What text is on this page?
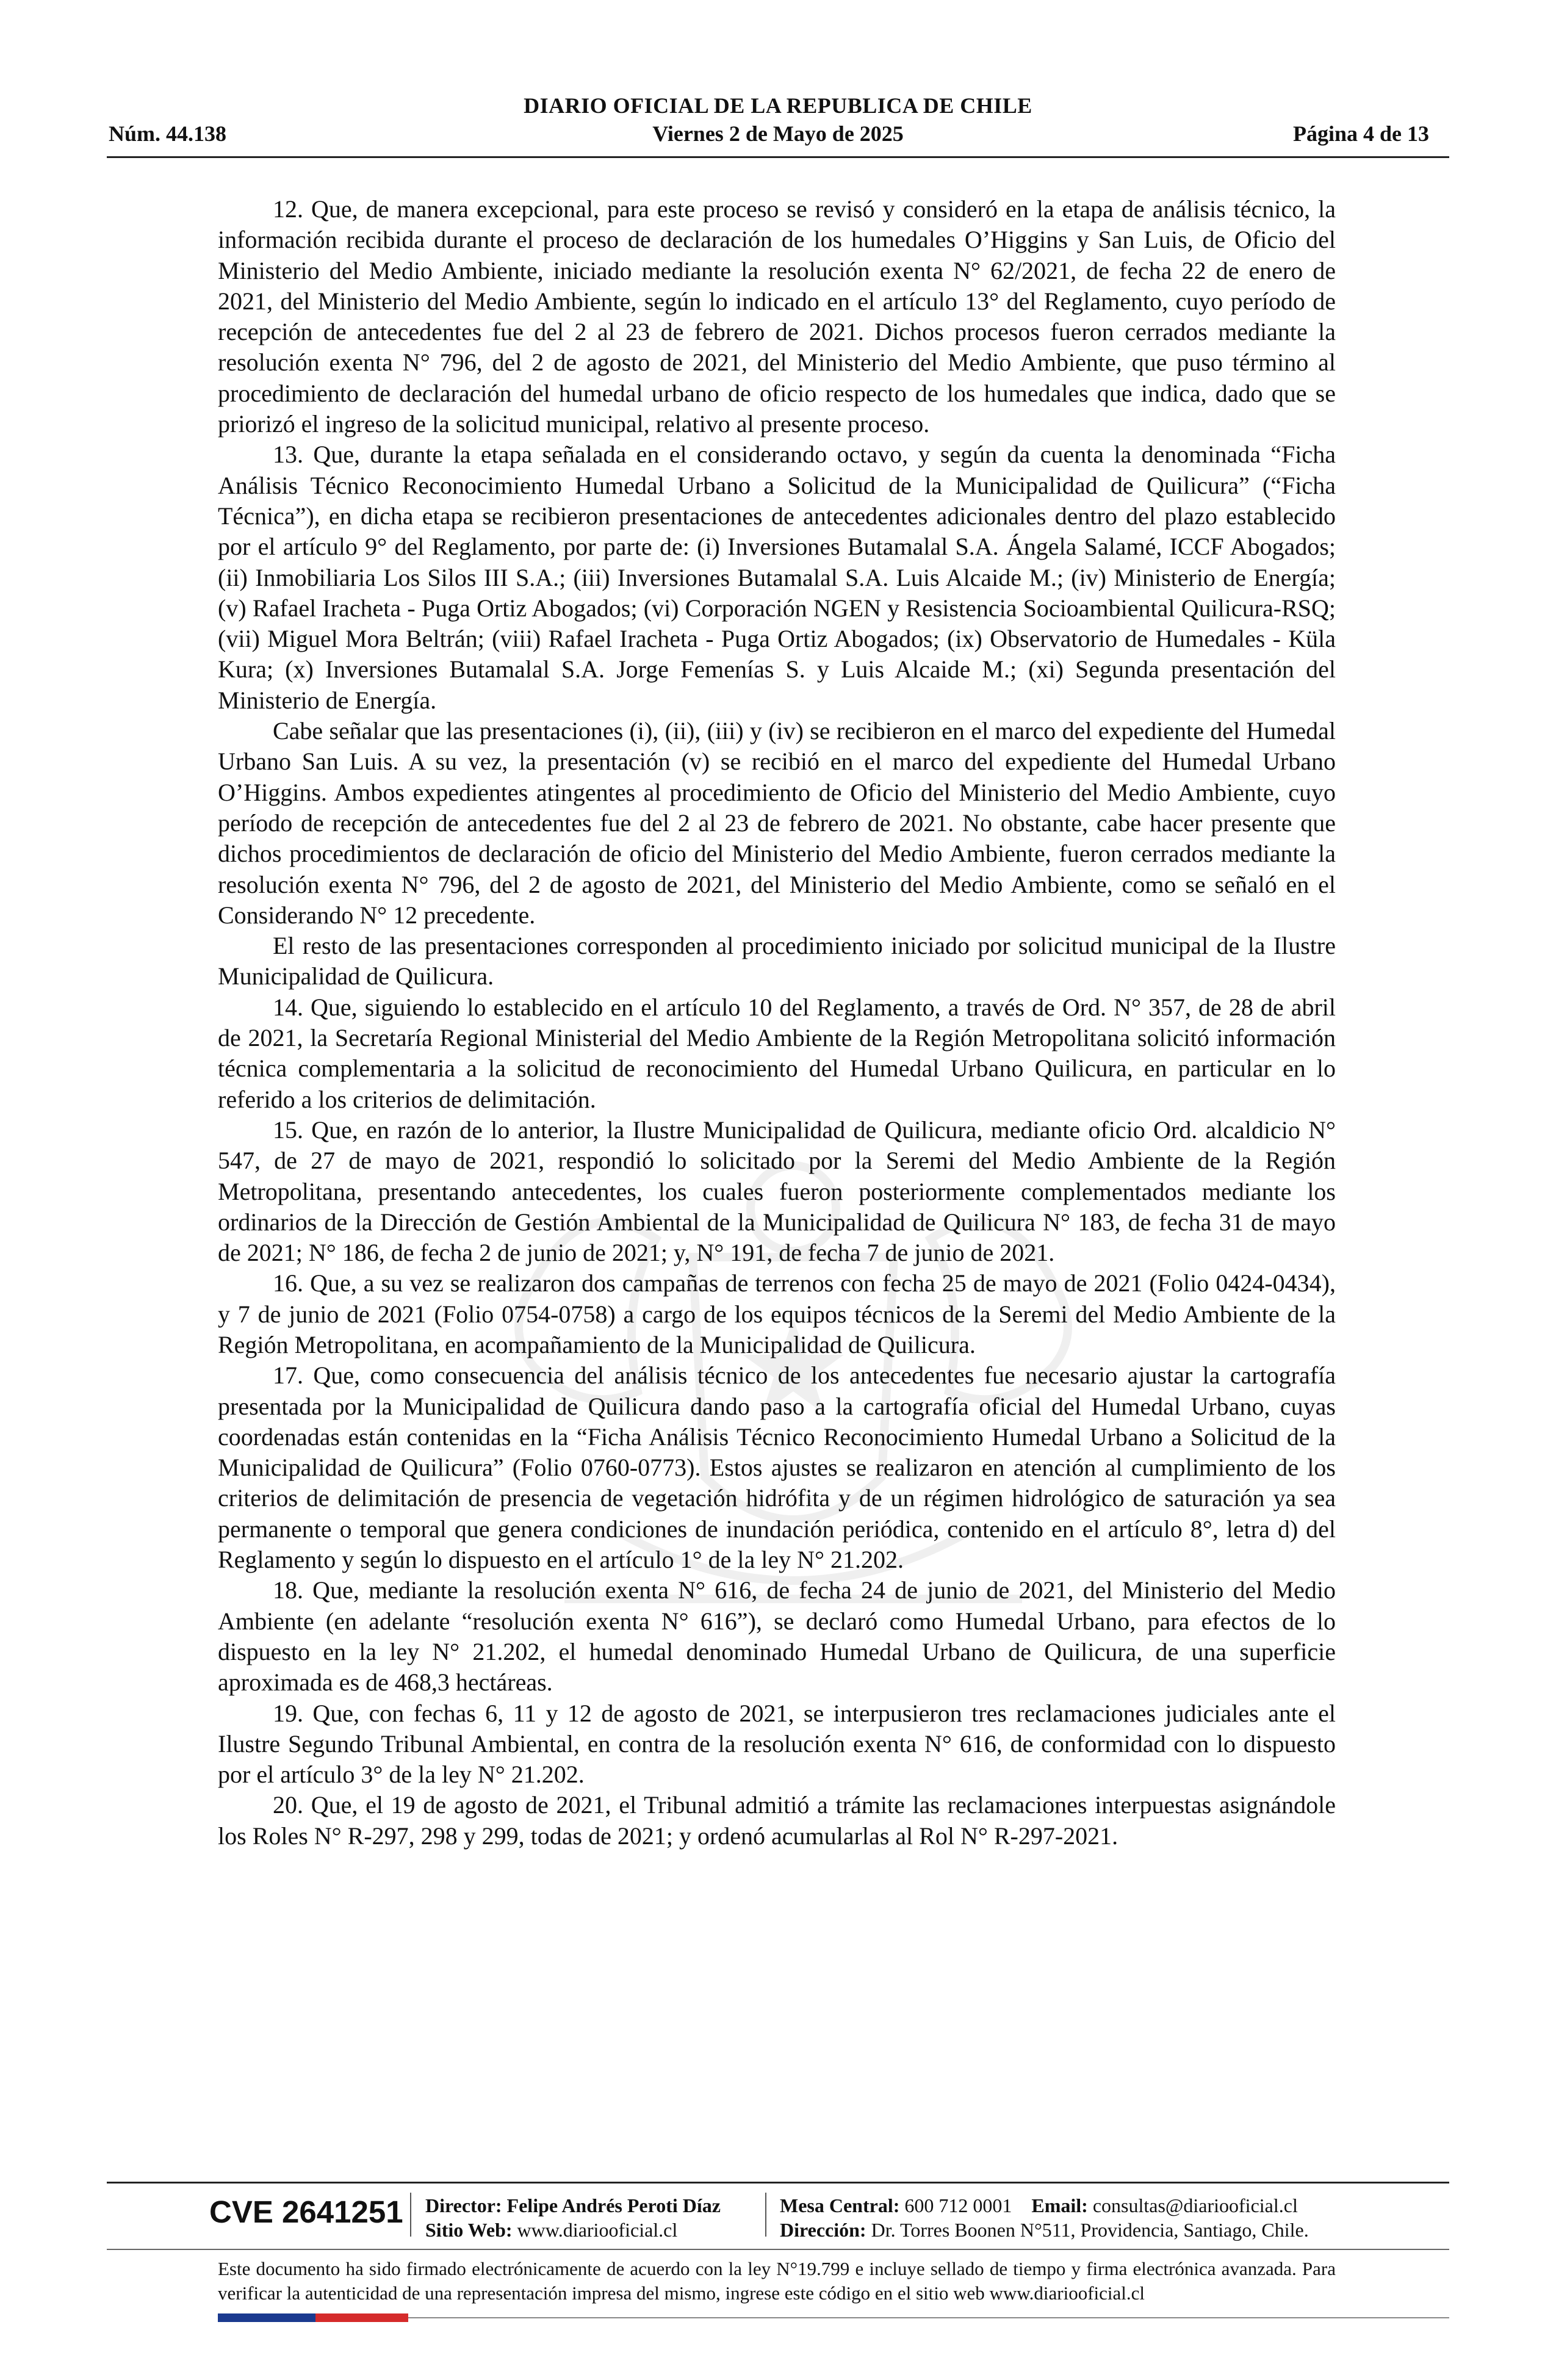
DIARIO OFICIAL DE LA REPUBLICA DE CHILE
Núm. 44.138	Viernes 2 de Mayo de 2025	Página 4 de 13

12. Que, de manera excepcional, para este proceso se revisó y consideró en la etapa de análisis técnico, la información recibida durante el proceso de declaración de los humedales O’Higgins y San Luis, de Oficio del Ministerio del Medio Ambiente, iniciado mediante la resolución exenta N° 62/2021, de fecha 22 de enero de 2021, del Ministerio del Medio Ambiente, según lo indicado en el artículo 13° del Reglamento, cuyo período de recepción de antecedentes fue del 2 al 23 de febrero de 2021. Dichos procesos fueron cerrados mediante la resolución exenta N° 796, del 2 de agosto de 2021, del Ministerio del Medio Ambiente, que puso término al procedimiento de declaración del humedal urbano de oficio respecto de los humedales que indica, dado que se priorizó el ingreso de la solicitud municipal, relativo al presente proceso.

13. Que, durante la etapa señalada en el considerando octavo, y según da cuenta la denominada “Ficha Análisis Técnico Reconocimiento Humedal Urbano a Solicitud de la Municipalidad de Quilicura” (“Ficha Técnica”), en dicha etapa se recibieron presentaciones de antecedentes adicionales dentro del plazo establecido por el artículo 9° del Reglamento, por parte de: (i) Inversiones Butamalal S.A. Ángela Salamé, ICCF Abogados; (ii) Inmobiliaria Los Silos III S.A.; (iii) Inversiones Butamalal S.A. Luis Alcaide M.; (iv) Ministerio de Energía; (v) Rafael Iracheta - Puga Ortiz Abogados; (vi) Corporación NGEN y Resistencia Socioambiental Quilicura-RSQ; (vii) Miguel Mora Beltrán; (viii) Rafael Iracheta - Puga Ortiz Abogados; (ix) Observatorio de Humedales - Küla Kura; (x) Inversiones Butamalal S.A. Jorge Femenías S. y Luis Alcaide M.; (xi) Segunda presentación del Ministerio de Energía.

Cabe señalar que las presentaciones (i), (ii), (iii) y (iv) se recibieron en el marco del expediente del Humedal Urbano San Luis. A su vez, la presentación (v) se recibió en el marco del expediente del Humedal Urbano O’Higgins. Ambos expedientes atingentes al procedimiento de Oficio del Ministerio del Medio Ambiente, cuyo período de recepción de antecedentes fue del 2 al 23 de febrero de 2021. No obstante, cabe hacer presente que dichos procedimientos de declaración de oficio del Ministerio del Medio Ambiente, fueron cerrados mediante la resolución exenta N° 796, del 2 de agosto de 2021, del Ministerio del Medio Ambiente, como se señaló en el Considerando N° 12 precedente.

El resto de las presentaciones corresponden al procedimiento iniciado por solicitud municipal de la Ilustre Municipalidad de Quilicura.

14. Que, siguiendo lo establecido en el artículo 10 del Reglamento, a través de Ord. N° 357, de 28 de abril de 2021, la Secretaría Regional Ministerial del Medio Ambiente de la Región Metropolitana solicitó información técnica complementaria a la solicitud de reconocimiento del Humedal Urbano Quilicura, en particular en lo referido a los criterios de delimitación.

15. Que, en razón de lo anterior, la Ilustre Municipalidad de Quilicura, mediante oficio Ord. alcaldicio N° 547, de 27 de mayo de 2021, respondió lo solicitado por la Seremi del Medio Ambiente de la Región Metropolitana, presentando antecedentes, los cuales fueron posteriormente complementados mediante los ordinarios de la Dirección de Gestión Ambiental de la Municipalidad de Quilicura N° 183, de fecha 31 de mayo de 2021; N° 186, de fecha 2 de junio de 2021; y, N° 191, de fecha 7 de junio de 2021.

16. Que, a su vez se realizaron dos campañas de terrenos con fecha 25 de mayo de 2021 (Folio 0424-0434), y 7 de junio de 2021 (Folio 0754-0758) a cargo de los equipos técnicos de la Seremi del Medio Ambiente de la Región Metropolitana, en acompañamiento de la Municipalidad de Quilicura.

17. Que, como consecuencia del análisis técnico de los antecedentes fue necesario ajustar la cartografía presentada por la Municipalidad de Quilicura dando paso a la cartografía oficial del Humedal Urbano, cuyas coordenadas están contenidas en la “Ficha Análisis Técnico Reconocimiento Humedal Urbano a Solicitud de la Municipalidad de Quilicura” (Folio 0760-0773). Estos ajustes se realizaron en atención al cumplimiento de los criterios de delimitación de presencia de vegetación hidrófita y de un régimen hidrológico de saturación ya sea permanente o temporal que genera condiciones de inundación periódica, contenido en el artículo 8°, letra d) del Reglamento y según lo dispuesto en el artículo 1° de la ley N° 21.202.

18. Que, mediante la resolución exenta N° 616, de fecha 24 de junio de 2021, del Ministerio del Medio Ambiente (en adelante “resolución exenta N° 616”), se declaró como Humedal Urbano, para efectos de lo dispuesto en la ley N° 21.202, el humedal denominado Humedal Urbano de Quilicura, de una superficie aproximada es de 468,3 hectáreas.

19. Que, con fechas 6, 11 y 12 de agosto de 2021, se interpusieron tres reclamaciones judiciales ante el Ilustre Segundo Tribunal Ambiental, en contra de la resolución exenta N° 616, de conformidad con lo dispuesto por el artículo 3° de la ley N° 21.202.

20. Que, el 19 de agosto de 2021, el Tribunal admitió a trámite las reclamaciones interpuestas asignándole los Roles N° R-297, 298 y 299, todas de 2021; y ordenó acumularlas al Rol N° R-297-2021.

CVE 2641251 Director: Felipe Andrés Peroti Díaz
Sitio Web: www.diariooficial.cl
Mesa Central: 600 712 0001 Email: consultas@diariooficial.cl
Dirección: Dr. Torres Boonen N°511, Providencia, Santiago, Chile.
Este documento ha sido firmado electrónicamente de acuerdo con la ley N°19.799 e incluye sellado de tiempo y firma electrónica avanzada. Para verificar la autenticidad de una representación impresa del mismo, ingrese este código en el sitio web www.diariooficial.cl
